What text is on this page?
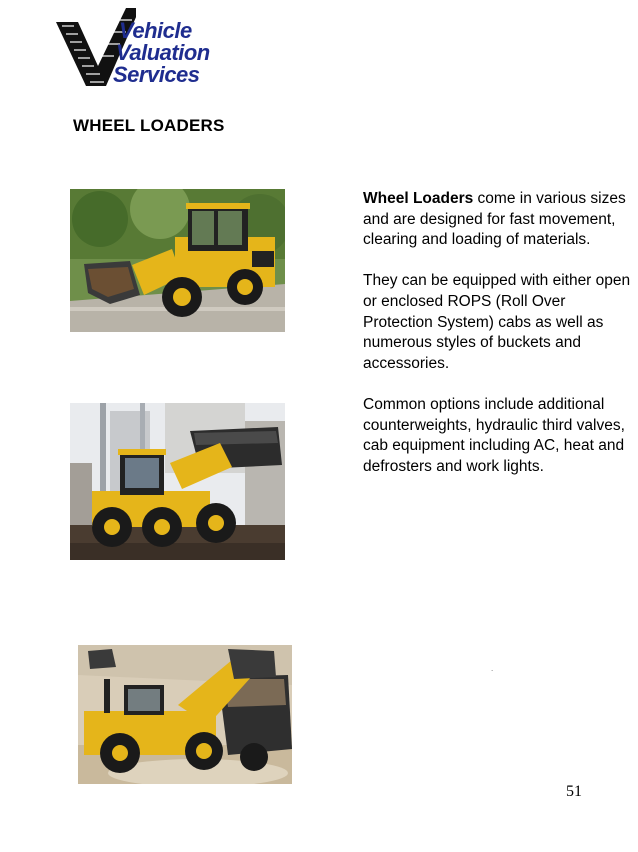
Vehicle
Valuation
Services
WHEEL LOADERS

Wheel Loaders come in various sizes and are designed for fast movement, clearing and loading of materials.

They can be equipped with either open or enclosed ROPS (Roll Over Protection System) cabs as well as numerous styles of buckets and accessories.

Common options include additional counterweights, hydraulic third valves, cab equipment including AC, heat and defrosters and work lights.

.
51
